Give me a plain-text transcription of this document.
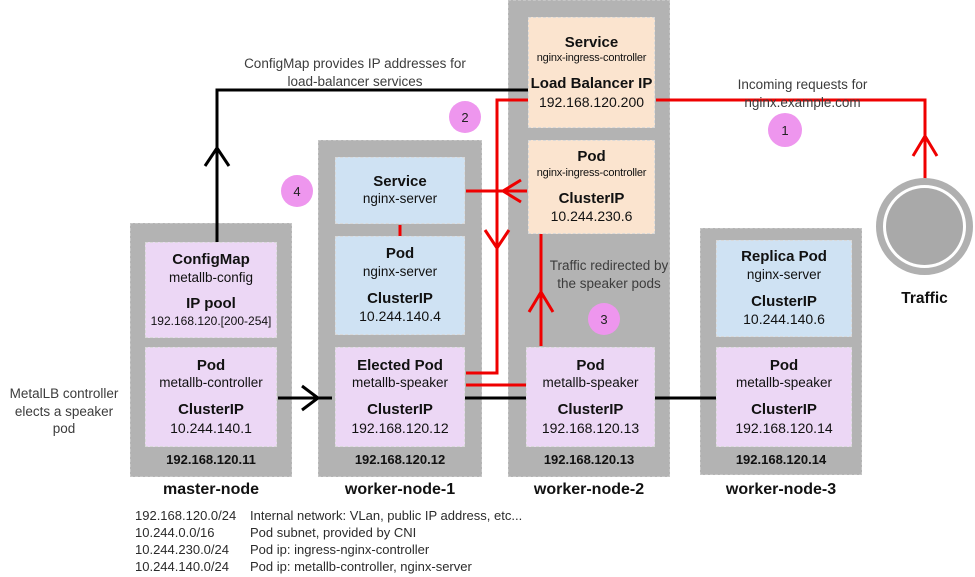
Service
nginx-ingress-controller
Load Balancer IP
192.168.120.200
Pod
nginx-ingress-controller
ClusterIP
10.244.230.6
ConfigMap
metallb-config
IP pool
192.168.120.[200-254]
Pod
metallb-controller
ClusterIP
10.244.140.1
Service
nginx-server
Pod
nginx-server
ClusterIP
10.244.140.4
Elected Pod
metallb-speaker
ClusterIP
192.168.120.12
Pod
metallb-speaker
ClusterIP
192.168.120.13
Replica Pod
nginx-server
ClusterIP
10.244.140.6
Pod
metallb-speaker
ClusterIP
192.168.120.14
192.168.120.11	192.168.120.12	192.168.120.13	192.168.120.14
master-node	worker-node-1	worker-node-2	worker-node-3
1
2
3
4
Traffic
ConfigMap provides IP addresses for
load-balancer services	Incoming requests for nginx.example.com
Traffic redirected by
the speaker pods
MetalLB controller
elects a speaker pod
192.168.120.0/24	Internal network: VLan, public IP address, etc...
10.244.0.0/16	Pod subnet, provided by CNI
10.244.230.0/24	Pod ip: ingress-nginx-controller
10.244.140.0/24	Pod ip: metallb-controller, nginx-server
